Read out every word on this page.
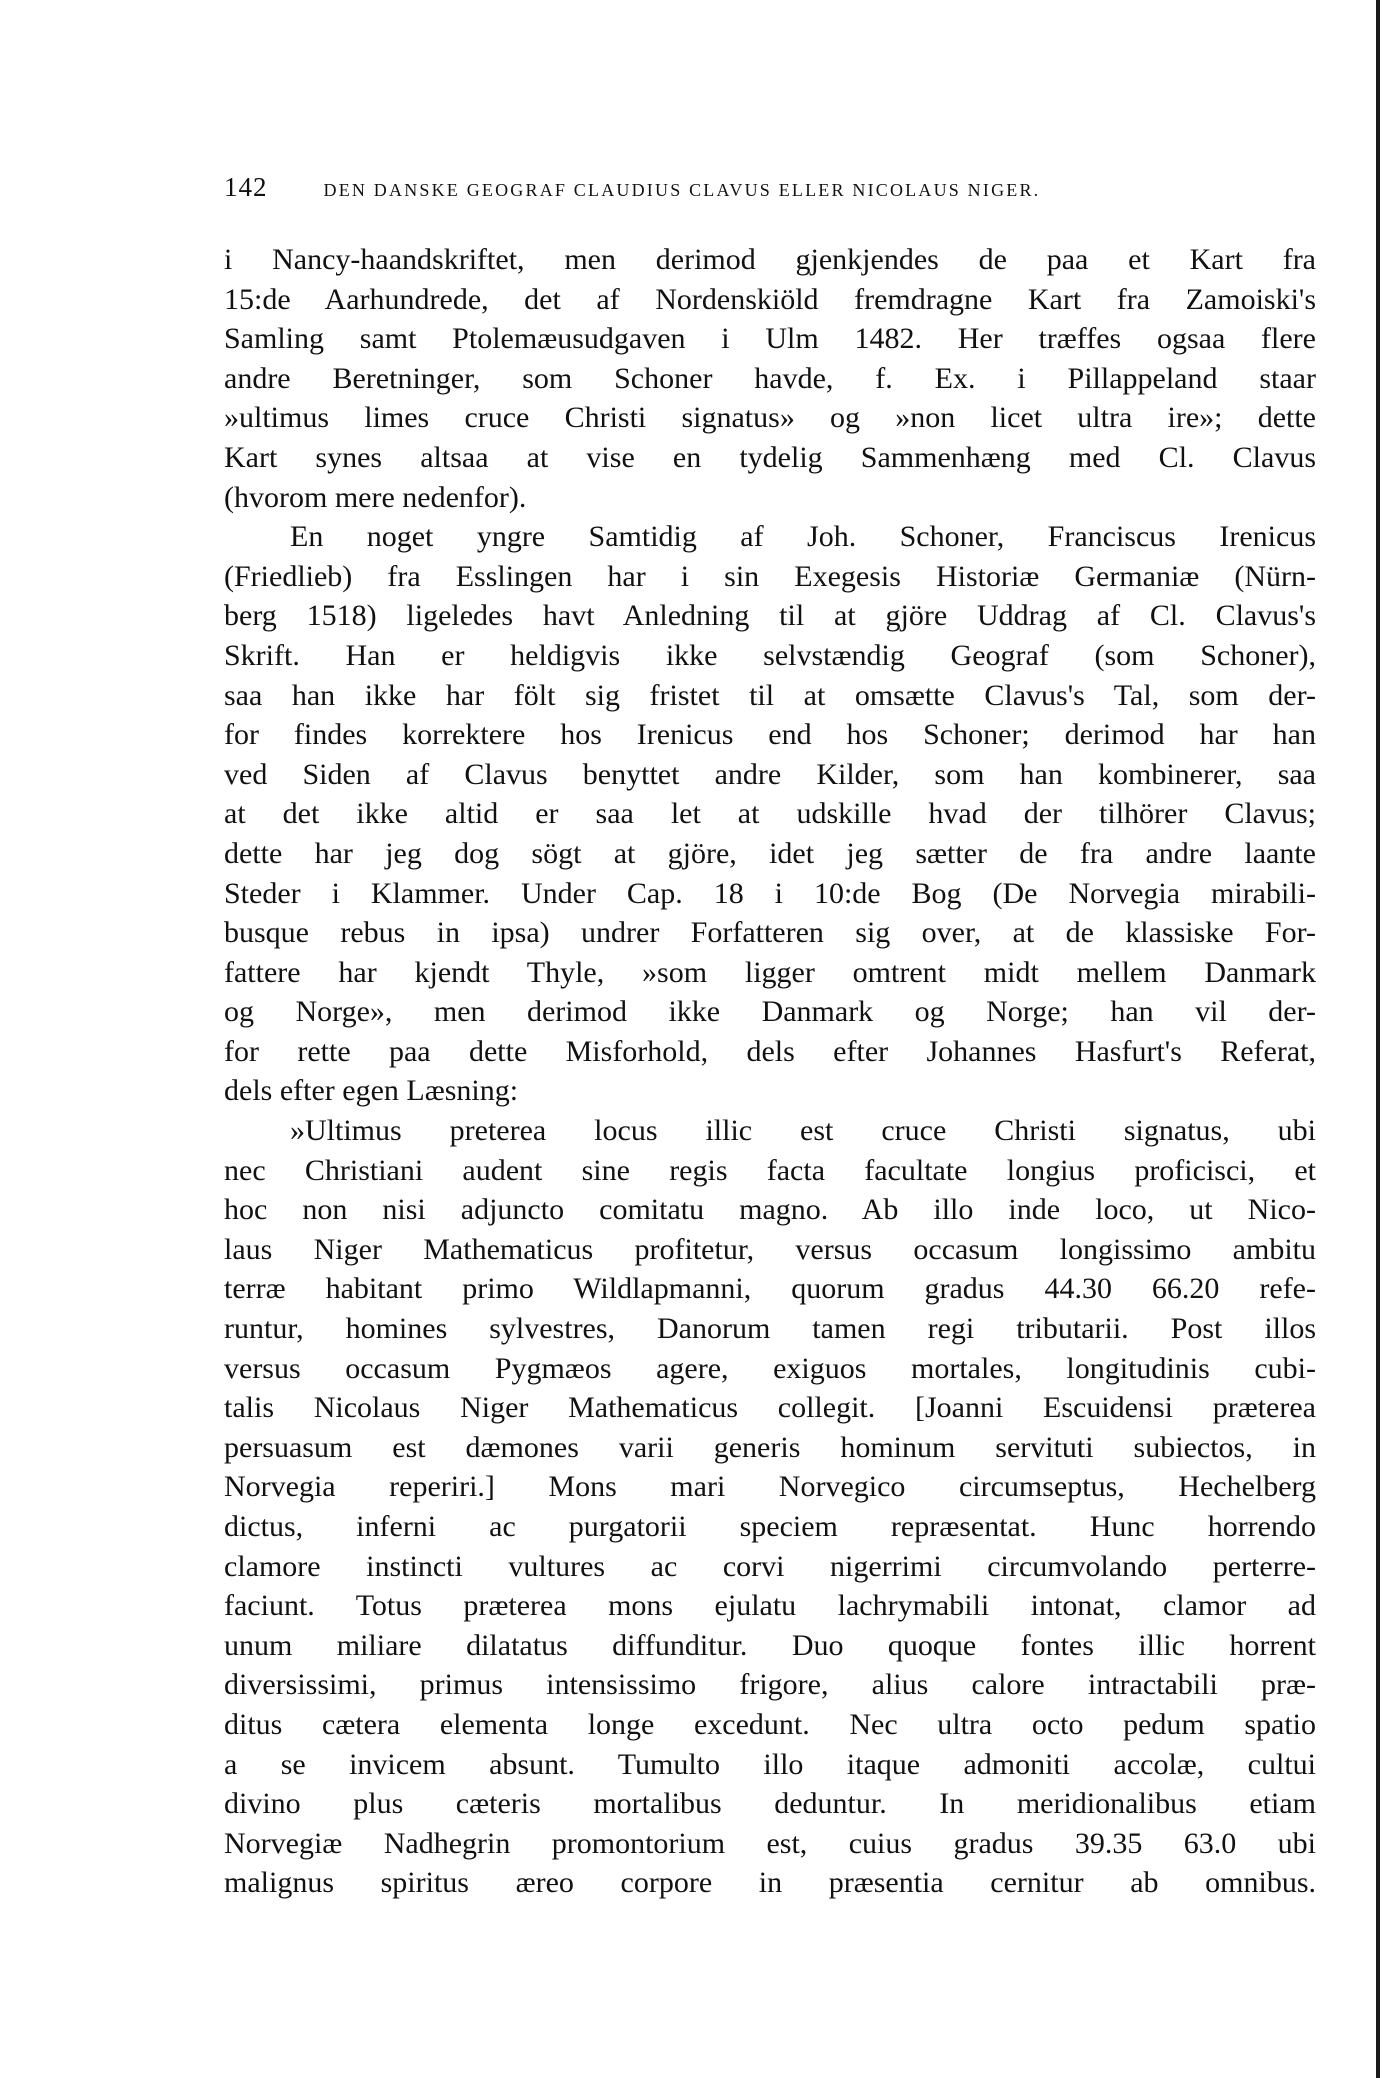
142	DEN DANSKE GEOGRAF CLAUDIUS CLAVUS ELLER NICOLAUS NIGER.
i Nancy-haandskriftet, men derimod gjenkjendes de paa et Kart fra
15:de Aarhundrede, det af Nordenskiöld fremdragne Kart fra Zamoiski's
Samling samt Ptolemæusudgaven i Ulm 1482. Her træffes ogsaa flere
andre Beretninger, som Schoner havde, f. Ex. i Pillappeland staar
»ultimus limes cruce Christi signatus» og »non licet ultra ire»; dette
Kart synes altsaa at vise en tydelig Sammenhæng med Cl. Clavus
(hvorom mere nedenfor).
En noget yngre Samtidig af Joh. Schoner, Franciscus Irenicus
(Friedlieb) fra Esslingen har i sin Exegesis Historiæ Germaniæ (Nürn-
berg 1518) ligeledes havt Anledning til at gjöre Uddrag af Cl. Clavus's
Skrift. Han er heldigvis ikke selvstændig Geograf (som Schoner),
saa han ikke har fölt sig fristet til at omsætte Clavus's Tal, som der-
for findes korrektere hos Irenicus end hos Schoner; derimod har han
ved Siden af Clavus benyttet andre Kilder, som han kombinerer, saa
at det ikke altid er saa let at udskille hvad der tilhörer Clavus;
dette har jeg dog sögt at gjöre, idet jeg sætter de fra andre laante
Steder i Klammer. Under Cap. 18 i 10:de Bog (De Norvegia mirabili-
busque rebus in ipsa) undrer Forfatteren sig over, at de klassiske For-
fattere har kjendt Thyle, »som ligger omtrent midt mellem Danmark
og Norge», men derimod ikke Danmark og Norge; han vil der-
for rette paa dette Misforhold, dels efter Johannes Hasfurt's Referat,
dels efter egen Læsning:
»Ultimus preterea locus illic est cruce Christi signatus, ubi
nec Christiani audent sine regis facta facultate longius proficisci, et
hoc non nisi adjuncto comitatu magno. Ab illo inde loco, ut Nico-
laus Niger Mathematicus profitetur, versus occasum longissimo ambitu
terræ habitant primo Wildlapmanni, quorum gradus 44.30 66.20 refe-
runtur, homines sylvestres, Danorum tamen regi tributarii. Post illos
versus occasum Pygmæos agere, exiguos mortales, longitudinis cubi-
talis Nicolaus Niger Mathematicus collegit. [Joanni Escuidensi præterea
persuasum est dæmones varii generis hominum servituti subiectos, in
Norvegia reperiri.] Mons mari Norvegico circumseptus, Hechelberg
dictus, inferni ac purgatorii speciem repræsentat. Hunc horrendo
clamore instincti vultures ac corvi nigerrimi circumvolando perterre-
faciunt. Totus præterea mons ejulatu lachrymabili intonat, clamor ad
unum miliare dilatatus diffunditur. Duo quoque fontes illic horrent
diversissimi, primus intensissimo frigore, alius calore intractabili præ-
ditus cætera elementa longe excedunt. Nec ultra octo pedum spatio
a se invicem absunt. Tumulto illo itaque admoniti accolæ, cultui
divino plus cæteris mortalibus deduntur. In meridionalibus etiam
Norvegiæ Nadhegrin promontorium est, cuius gradus 39.35 63.0 ubi
malignus spiritus æreo corpore in præsentia cernitur ab omnibus.
